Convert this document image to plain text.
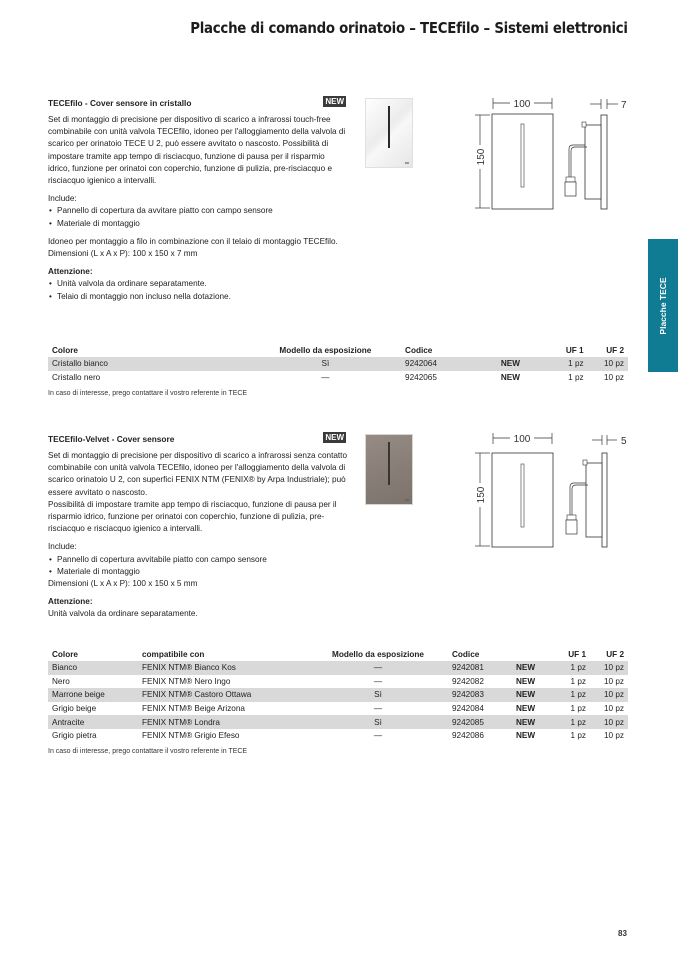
Placche di comando orinatoio – TECEfilo – Sistemi elettronici
Placche TECE
TECEfilo - Cover sensore in cristallo	NEW
Set di montaggio di precisione per dispositivo di scarico a infrarossi touch-free combinabile con unità valvola TECEfilo, idoneo per l'alloggiamento della valvola di scarico per orinatoio TECE U 2, può essere avvitato o nascosto. Possibilità di impostare tramite app tempo di risciacquo, funzione di pausa per il risparmio idrico, funzione per orinatoi con coperchio, funzione di pulizia, pre-risciacquo e risciacquo igienico a intervalli.
Include:
• Pannello di copertura da avvitare piatto con campo sensore
• Materiale di montaggio
Idoneo per montaggio a filo in combinazione con il telaio di montaggio TECEfilo.
Dimensioni (L x A x P): 100 x 150 x 7 mm
Attenzione:
• Unità valvola da ordinare separatamente.
• Telaio di montaggio non incluso nella dotazione.
100
150
7
Colore	Modello da esposizione	Codice		UF 1	UF 2
Cristallo bianco	Sì	9242064	NEW	1 pz	10 pz
Cristallo nero	—	9242065	NEW	1 pz	10 pz
In caso di interesse, prego contattare il vostro referente in TECE
TECEfilo-Velvet - Cover sensore	NEW
Set di montaggio di precisione per dispositivo di scarico a infrarossi senza contatto combinabile con unità valvola TECEfilo, idoneo per l'alloggiamento della valvola di scarico orinatoio U 2, con superfici FENIX NTM (FENIX® by Arpa Industriale); può essere avvitato o nascosto.
Possibilità di impostare tramite app tempo di risciacquo, funzione di pausa per il risparmio idrico, funzione per orinatoi con coperchio, funzione di pulizia, pre-risciacquo e risciacquo igienico a intervalli.
Include:
• Pannello di copertura avvitabile piatto con campo sensore
• Materiale di montaggio
Dimensioni (L x A x P): 100 x 150 x 5 mm
Attenzione:
Unità valvola da ordinare separatamente.
100
150
5
Colore	compatibile con	Modello da esposizione	Codice		UF 1	UF 2
Bianco	FENIX NTM® Bianco Kos	—	9242081	NEW	1 pz	10 pz
Nero	FENIX NTM® Nero Ingo	—	9242082	NEW	1 pz	10 pz
Marrone beige	FENIX NTM® Castoro Ottawa	Sì	9242083	NEW	1 pz	10 pz
Grigio beige	FENIX NTM® Beige Arizona	—	9242084	NEW	1 pz	10 pz
Antracite	FENIX NTM® Londra	Sì	9242085	NEW	1 pz	10 pz
Grigio pietra	FENIX NTM® Grigio Efeso	—	9242086	NEW	1 pz	10 pz
In caso di interesse, prego contattare il vostro referente in TECE
83
